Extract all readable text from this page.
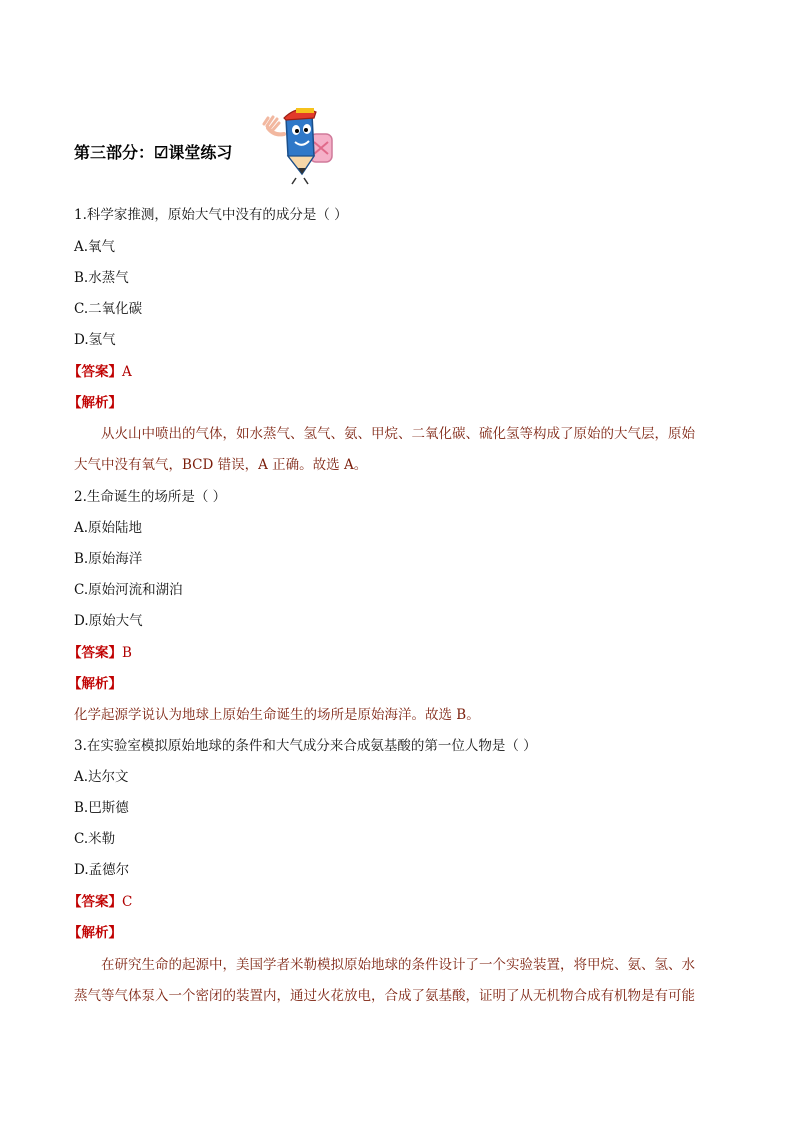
第三部分：☑课堂练习
1.科学家推测，原始大气中没有的成分是（ ）
A.氧气
B.水蒸气
C.二氧化碳
D.氢气
【答案】A
【解析】
从火山中喷出的气体，如水蒸气、氢气、氨、甲烷、二氧化碳、硫化氢等构成了原始的大气层，原始
大气中没有氧气，BCD 错误，A 正确。故选 A。
2.生命诞生的场所是（ ）
A.原始陆地
B.原始海洋
C.原始河流和湖泊
D.原始大气
【答案】B
【解析】
化学起源学说认为地球上原始生命诞生的场所是原始海洋。故选 B。
3.在实验室模拟原始地球的条件和大气成分来合成氨基酸的第一位人物是（ ）
A.达尔文
B.巴斯德
C.米勒
D.孟德尔
【答案】C
【解析】
在研究生命的起源中，美国学者米勒模拟原始地球的条件设计了一个实验装置，将甲烷、氨、氢、水
蒸气等气体泵入一个密闭的装置内，通过火花放电，合成了氨基酸，证明了从无机物合成有机物是有可能
